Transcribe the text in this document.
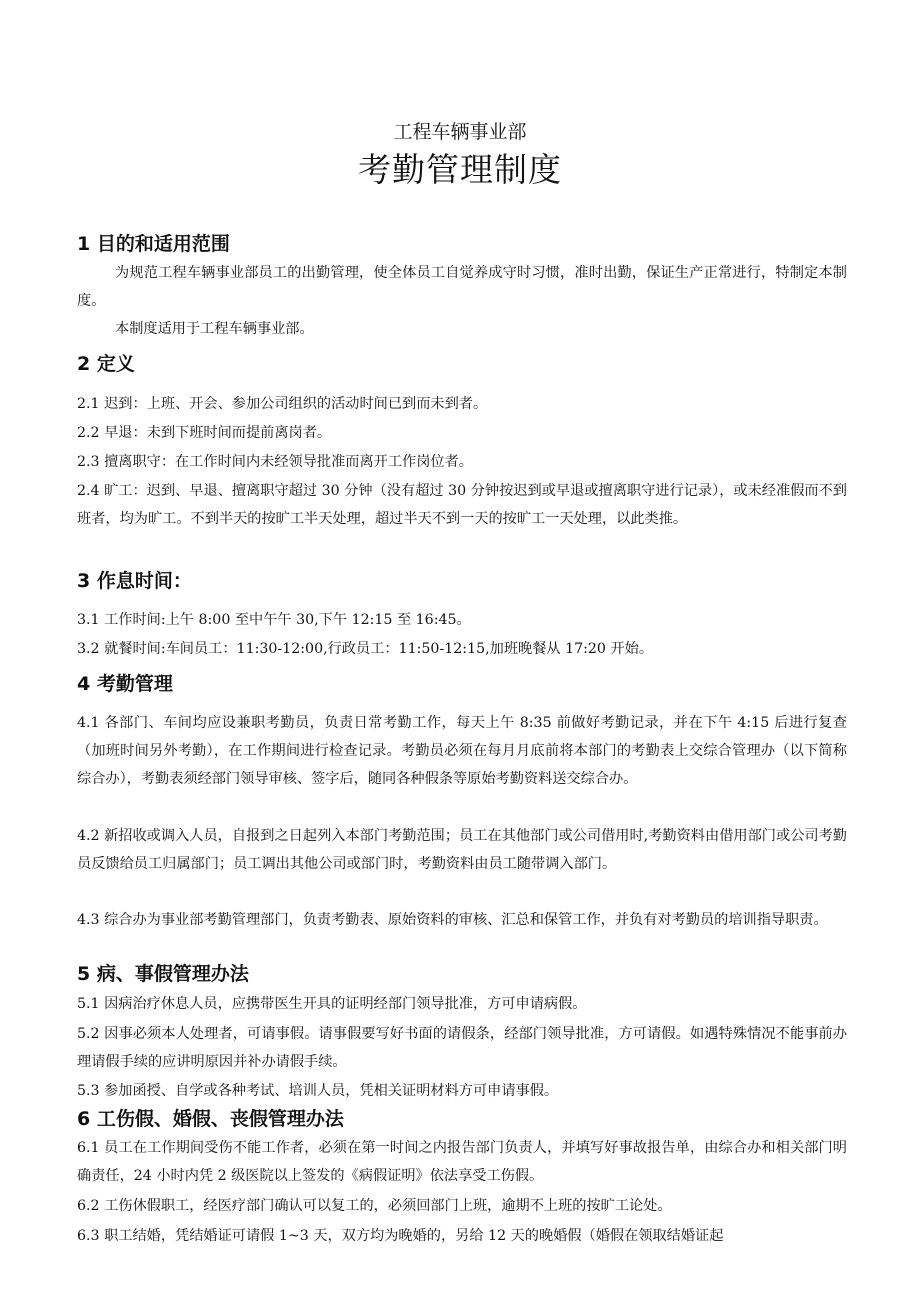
工程车辆事业部
考勤管理制度
1 目的和适用范围

为规范工程车辆事业部员工的出勤管理，使全体员工自觉养成守时习惯，准时出勤，保证生产正常进行，特制定本制度。

本制度适用于工程车辆事业部。

2 定义

2.1 迟到：上班、开会、参加公司组织的活动时间已到而未到者。

2.2 早退：未到下班时间而提前离岗者。

2.3 擅离职守：在工作时间内未经领导批准而离开工作岗位者。

2.4 旷工：迟到、早退、擅离职守超过 30 分钟（没有超过 30 分钟按迟到或早退或擅离职守进行记录），或未经准假而不到班者，均为旷工。不到半天的按旷工半天处理，超过半天不到一天的按旷工一天处理，以此类推。

3 作息时间：

3.1 工作时间:上午 8:00 至中午午 30,下午 12:15 至 16:45。

3.2 就餐时间:车间员工：11:30-12:00,行政员工：11:50-12:15,加班晚餐从 17:20 开始。

4 考勤管理

4.1 各部门、车间均应设兼职考勤员，负责日常考勤工作，每天上午 8:35 前做好考勤记录，并在下午 4:15 后进行复查（加班时间另外考勤），在工作期间进行检查记录。考勤员必须在每月月底前将本部门的考勤表上交综合管理办（以下简称综合办），考勤表须经部门领导审核、签字后，随同各种假条等原始考勤资料送交综合办。

4.2 新招收或调入人员，自报到之日起列入本部门考勤范围；员工在其他部门或公司借用时,考勤资料由借用部门或公司考勤员反馈给员工归属部门；员工调出其他公司或部门时，考勤资料由员工随带调入部门。

4.3 综合办为事业部考勤管理部门，负责考勤表、原始资料的审核、汇总和保管工作，并负有对考勤员的培训指导职责。

5 病、事假管理办法

5.1 因病治疗休息人员，应携带医生开具的证明经部门领导批准，方可申请病假。

5.2 因事必须本人处理者，可请事假。请事假要写好书面的请假条，经部门领导批准，方可请假。如遇特殊情况不能事前办理请假手续的应讲明原因并补办请假手续。

5.3 参加函授、自学或各种考试、培训人员，凭相关证明材料方可申请事假。

6 工伤假、婚假、丧假管理办法

6.1 员工在工作期间受伤不能工作者，必须在第一时间之内报告部门负责人，并填写好事故报告单，由综合办和相关部门明确责任，24 小时内凭 2 级医院以上签发的《病假证明》依法享受工伤假。

6.2 工伤休假职工，经医疗部门确认可以复工的，必须回部门上班，逾期不上班的按旷工论处。

6.3 职工结婚，凭结婚证可请假 1~3 天，双方均为晚婚的，另给 12 天的晚婚假（婚假在领取结婚证起
